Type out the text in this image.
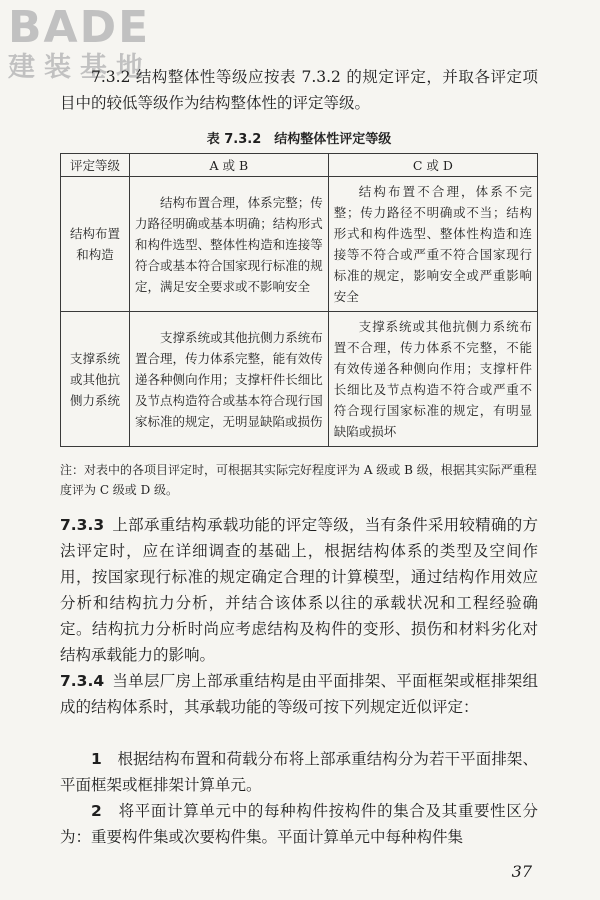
BADE
建装基地

7.3.2 结构整体性等级应按表 7.3.2 的规定评定，并取各评定项目中的较低等级作为结构整体性的评定等级。

表 7.3.2　结构整体性评定等级
评定等级	A 或 B	C 或 D
结构布置和构造	结构布置合理，体系完整；传力路径明确或基本明确；结构形式和构件选型、整体性构造和连接等符合或基本符合国家现行标准的规定，满足安全要求或不影响安全	结构布置不合理，体系不完整；传力路径不明确或不当；结构形式和构件选型、整体性构造和连接等不符合或严重不符合国家现行标准的规定，影响安全或严重影响安全
支撑系统或其他抗侧力系统	支撑系统或其他抗侧力系统布置合理，传力体系完整，能有效传递各种侧向作用；支撑杆件长细比及节点构造符合或基本符合现行国家标准的规定，无明显缺陷或损伤	支撑系统或其他抗侧力系统布置不合理，传力体系不完整，不能有效传递各种侧向作用；支撑杆件长细比及节点构造不符合或严重不符合现行国家标准的规定，有明显缺陷或损坏

注：对表中的各项目评定时，可根据其实际完好程度评为 A 级或 B 级，根据其实际严重程度评为 C 级或 D 级。

7.3.3 上部承重结构承载功能的评定等级，当有条件采用较精确的方法评定时，应在详细调查的基础上，根据结构体系的类型及空间作用，按国家现行标准的规定确定合理的计算模型，通过结构作用效应分析和结构抗力分析，并结合该体系以往的承载状况和工程经验确定。结构抗力分析时尚应考虑结构及构件的变形、损伤和材料劣化对结构承载能力的影响。

7.3.4 当单层厂房上部承重结构是由平面排架、平面框架或框排架组成的结构体系时，其承载功能的等级可按下列规定近似评定：

1　 根据结构布置和荷载分布将上部承重结构分为若干平面排架、平面框架或框排架计算单元。

2　 将平面计算单元中的每种构件按构件的集合及其重要性区分为：重要构件集或次要构件集。平面计算单元中每种构件集

37
